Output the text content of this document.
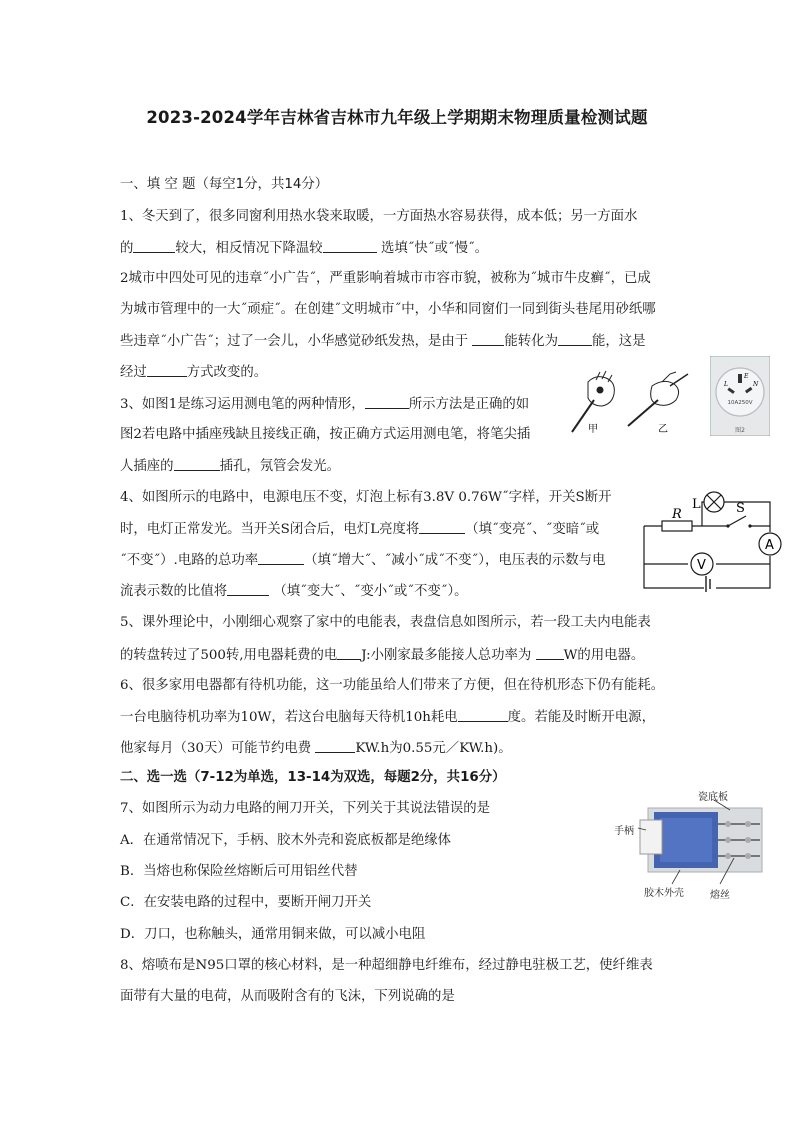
2023-2024学年吉林省吉林市九年级上学期期末物理质量检测试题
一、填 空 题（每空1分，共14分）
1、冬天到了，很多同窗利用热水袋来取暖，一方面热水容易获得，成本低；另一方面水
的	较大，相反情况下降温较	选填˝快˝或˝慢˝。
2城市中四处可见的违章˝小广告˝，严重影响着城市市容市貌，被称为˝城市牛皮癣˝，已成
为城市管理中的一大˝顽症˝。在创建˝文明城市˝中，小华和同窗们一同到街头巷尾用砂纸哪
些违章˝小广告˝；过了一会儿，小华感觉砂纸发热，是由于 能转化为	能，这是
经过	方式改变的。
3、如图1是练习运用测电笔的两种情形，	所示方法是正确的如
图2若电路中插座残缺且接线正确，按正确方式运用测电笔，将笔尖插
人插座的	插孔，氖管会发光。
甲	乙
E
L	N
10A250V
图2
4、如图所示的电路中，电源电压不变，灯泡上标有3.8V 0.76W˝字样，开关S断开
时，电灯正常发光。当开关S闭合后，电灯L亮度将	（填˝变亮˝、˝变暗˝或
˝不变˝）.电路的总功率	（填˝增大˝、˝减小˝成˝不变˝），电压表的示数与电
流表示数的比值将	（填˝变大˝、˝变小˝或˝不变˝）。
R
L	S
A
V
5、课外理论中，小刚细心观察了家中的电能表，表盘信息如图所示，若一段工夫内电能表
的转盘转过了500转,用电器耗费的电 J:小刚家最多能接人总功率为 W的用电器。
6、很多家用电器都有待机功能，这一功能虽给人们带来了方便，但在待机形态下仍有能耗。
一台电脑待机功率为10W，若这台电脑每天待机10h耗电	度。若能及时断开电源，
他家每月（30天）可能节约电费	KW.h为0.55元／KW.h)。
二、选一选（7-12为单选，13-14为双选，每题2分，共16分）
7、如图所示为动力电路的闸刀开关，下列关于其说法错误的是
A．在通常情况下，手柄、胶木外壳和瓷底板都是绝缘体
B．当熔也称保险丝熔断后可用铝丝代替
C．在安装电路的过程中，要断开闸刀开关
D．刀口，也称触头，通常用铜来做，可以减小电阻
瓷底板
手柄
胶木外壳	熔丝
8、熔喷布是N95口罩的核心材料，是一种超细静电纤维布，经过静电驻极工艺，使纤维表
面带有大量的电荷，从而吸附含有的飞沫，下列说确的是
